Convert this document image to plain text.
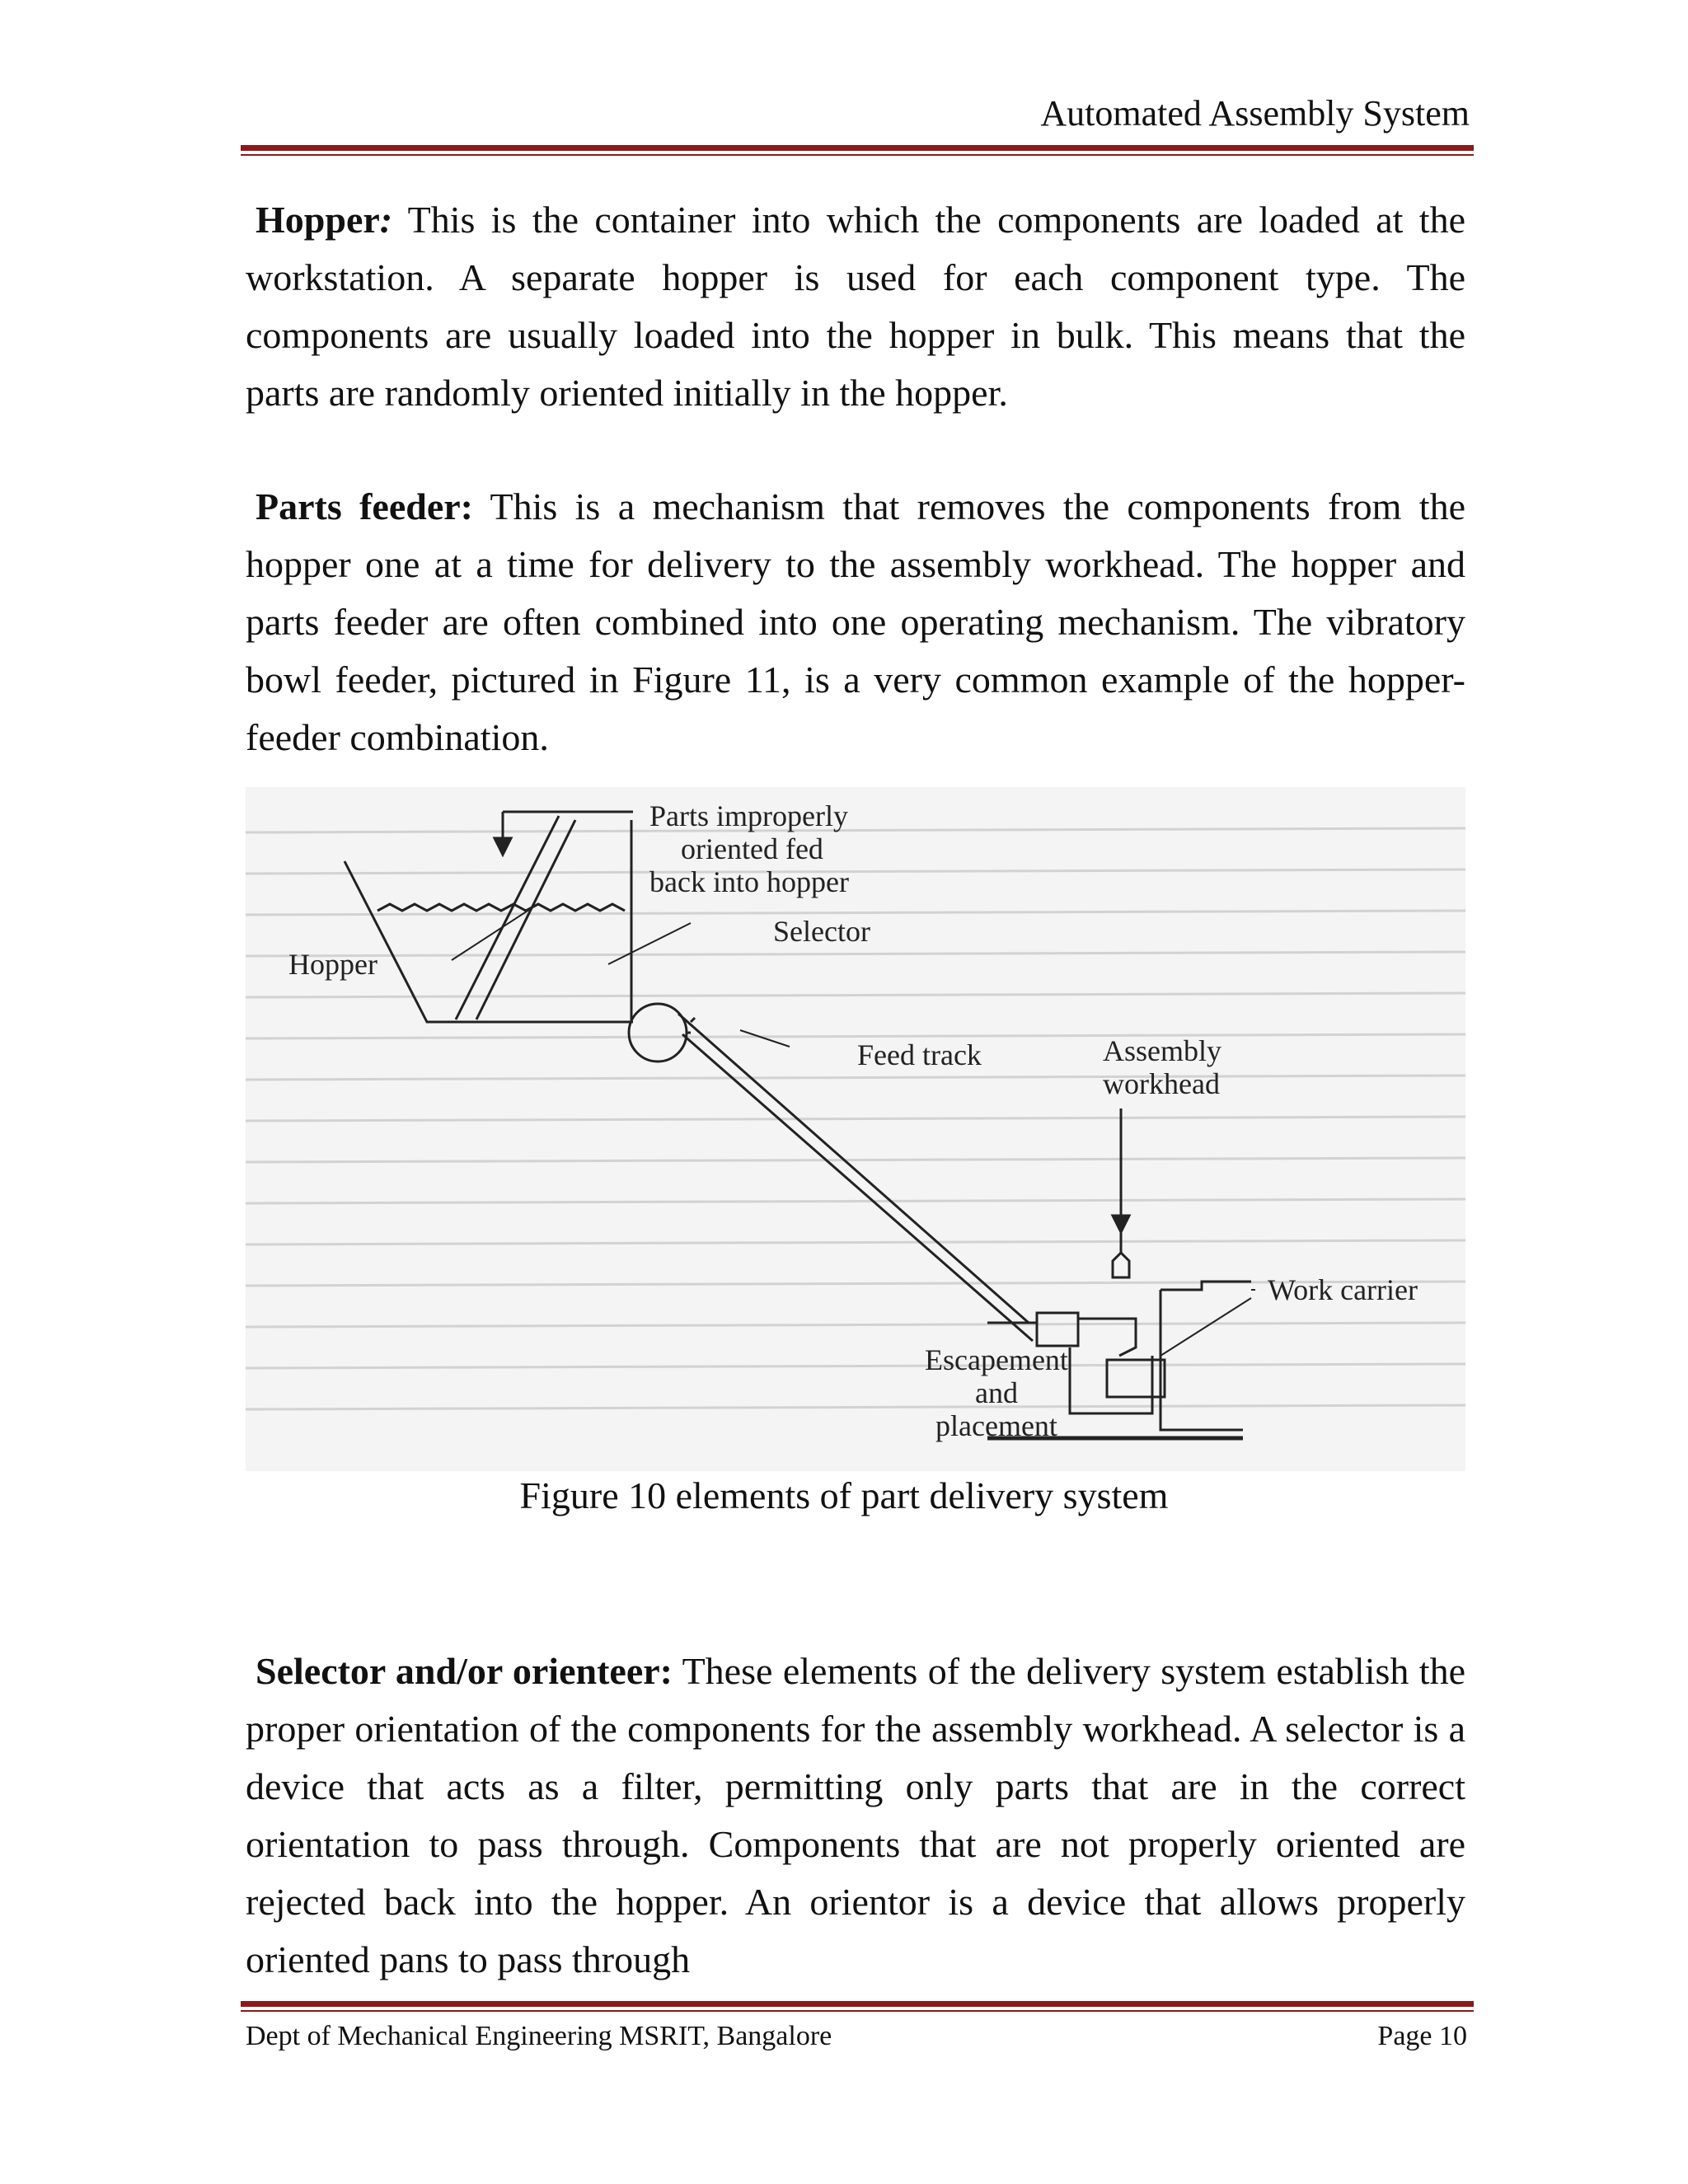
Automated Assembly System
Hopper: This is the container into which the components are loaded at the workstation. A separate hopper is used for each component type. The components are usually loaded into the hopper in bulk. This means that the parts are randomly oriented initially in the hopper.
Parts feeder: This is a mechanism that removes the components from the hopper one at a time for delivery to the assembly workhead. The hopper and parts feeder are often combined into one operating mechanism. The vibratory bowl feeder, pictured in Figure 11, is a very common example of the hopper-feeder combination.
Parts improperly
oriented fed
back into hopper
Selector
Hopper
Feed track	Assembly
workhead
Work carrier
Escapement
and
placement
Figure 10 elements of part delivery system
Selector and/or orienteer: These elements of the delivery system establish the proper orientation of the components for the assembly workhead. A selector is a device that acts as a filter, permitting only parts that are in the correct orientation to pass through. Components that are not properly oriented are rejected back into the hopper. An orientor is a device that allows properly oriented pans to pass through
Dept of Mechanical Engineering MSRIT, Bangalore	Page 10
